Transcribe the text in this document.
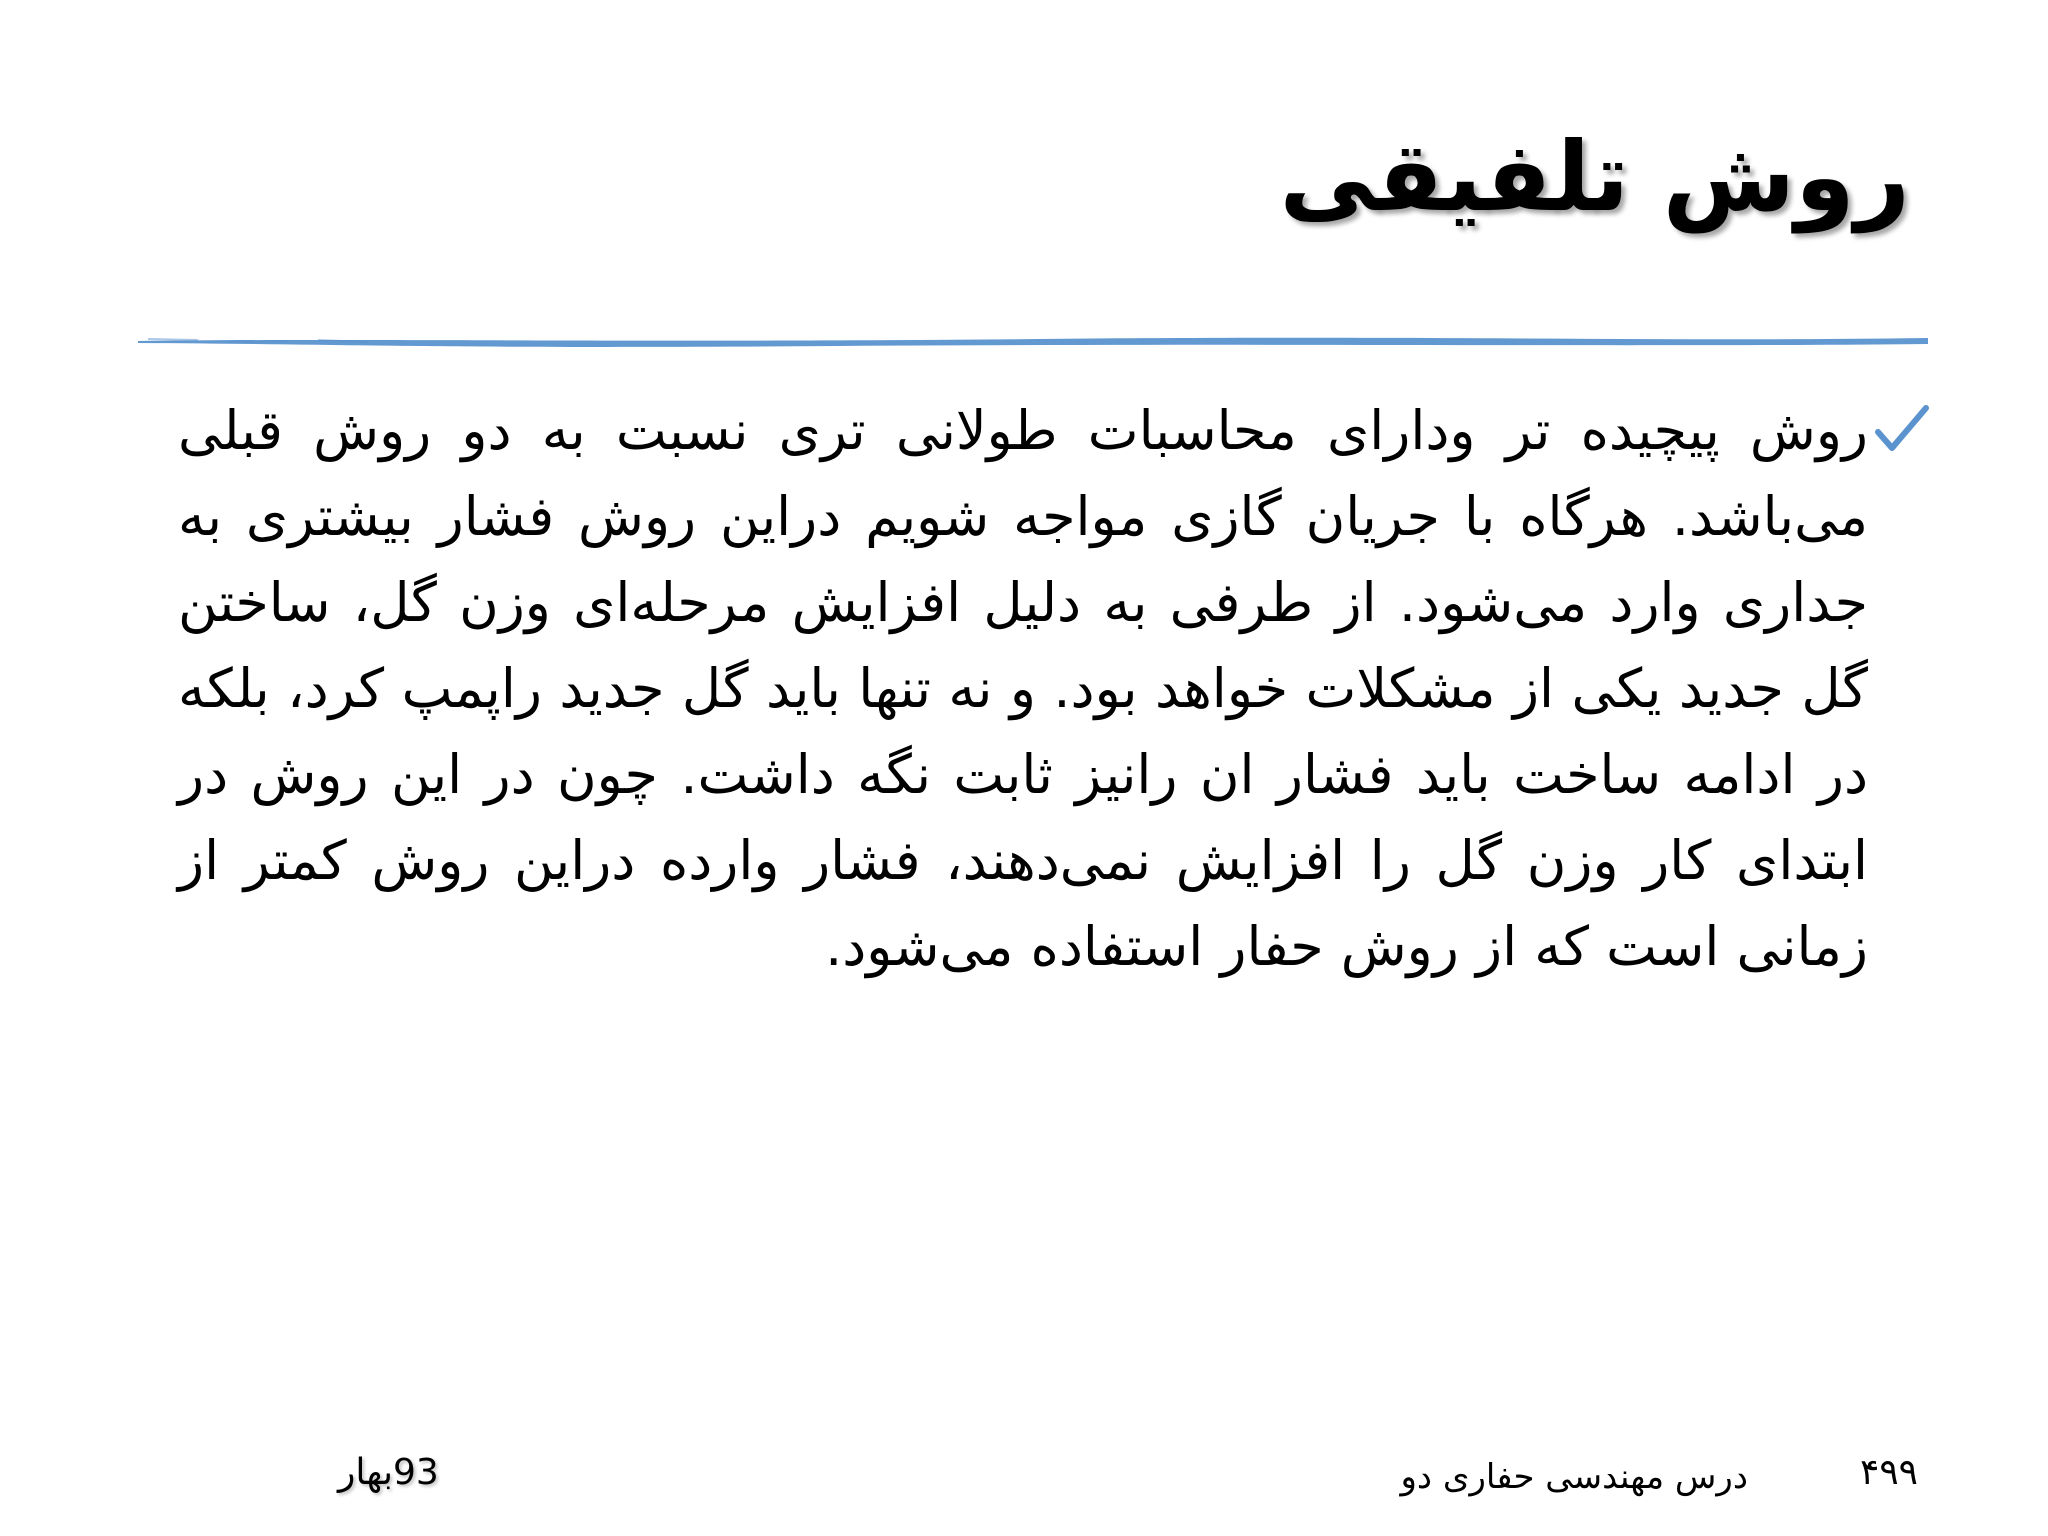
روش تلفیقی
روش پیچیده تر ودارای محاسبات طولانی تری نسبت به دو روش قبلی می‌باشد. هرگاه با جریان گازی مواجه شویم دراین روش فشار بیشتری به جداری وارد می‌شود. از طرفی به دلیل افزایش مرحله‌ای وزن گل، ساختن گل جدید یکی از مشکلات خواهد بود. و نه تنها باید گل جدید راپمپ کرد، بلکه در ادامه ساخت باید فشار ان رانیز ثابت نگه داشت. چون در این روش در ابتدای کار وزن گل را افزایش نمی‌دهند، فشار وارده دراین روش کمتر از زمانی است که از روش حفار استفاده می‌شود.
۴۹۹
درس مهندسی حفاری دو
93بهار
